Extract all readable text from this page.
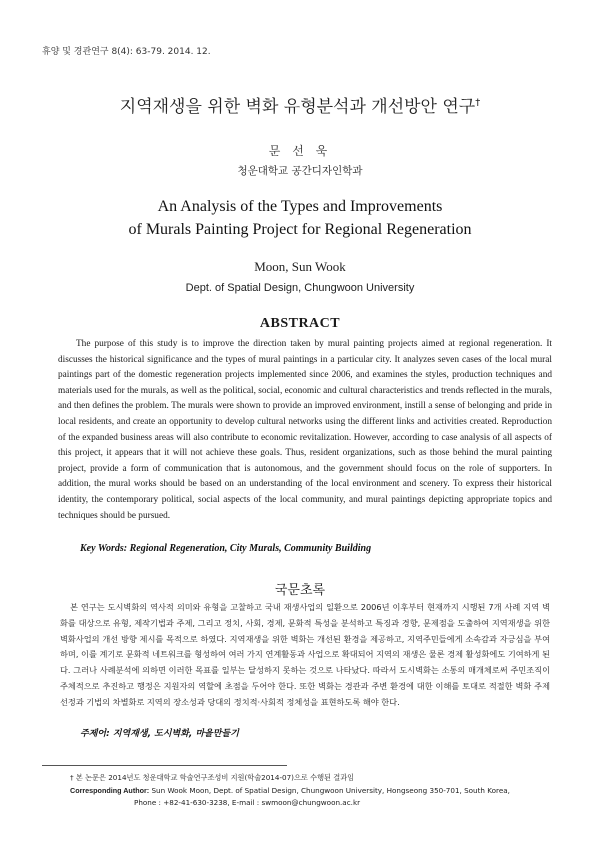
휴양 및 경관연구 8(4): 63-79. 2014. 12.
지역재생을 위한 벽화 유형분석과 개선방안 연구†
문 선 욱
청운대학교 공간디자인학과
An Analysis of the Types and Improvements
of Murals Painting Project for Regional Regeneration
Moon, Sun Wook
Dept. of Spatial Design, Chungwoon University
ABSTRACT

The purpose of this study is to improve the direction taken by mural painting projects aimed at regional regeneration. It discusses the historical significance and the types of mural paintings in a particular city. It analyzes seven cases of the local mural paintings part of the domestic regeneration projects implemented since 2006, and examines the styles, production techniques and materials used for the murals, as well as the political, social, economic and cultural characteristics and trends reflected in the murals, and then defines the problem. The murals were shown to provide an improved environment, instill a sense of belonging and pride in local residents, and create an opportunity to develop cultural networks using the different links and activities created. Reproduction of the expanded business areas will also contribute to economic revitalization. However, according to case analysis of all aspects of this project, it appears that it will not achieve these goals. Thus, resident organizations, such as those behind the mural painting project, provide a form of communication that is autonomous, and the government should focus on the role of supporters. In addition, the mural works should be based on an understanding of the local environment and scenery. To express their historical identity, the contemporary political, social aspects of the local community, and mural paintings depicting appropriate topics and techniques should be pursued.

Key Words: Regional Regeneration, City Murals, Community Building
국문초록

본 연구는 도시벽화의 역사적 의미와 유형을 고찰하고 국내 재생사업의 일환으로 2006년 이후부터 현재까지 시행된 7개 사례 지역 벽화를 대상으로 유형, 제작기법과 주제, 그리고 정치, 사회, 경제, 문화적 특성을 분석하고 특징과 경향, 문제점을 도출하여 지역재생을 위한 벽화사업의 개선 방향 제시를 목적으로 하였다. 지역재생을 위한 벽화는 개선된 환경을 제공하고, 지역주민들에게 소속감과 자긍심을 부여하며, 이를 계기로 문화적 네트워크를 형성하여 여러 가지 연계활동과 사업으로 확대되어 지역의 재생은 물론 경제 활성화에도 기여하게 된다. 그러나 사례분석에 의하면 이러한 목표를 일부는 달성하지 못하는 것으로 나타났다. 따라서 도시벽화는 소통의 매개체로써 주민조직이 주체적으로 추진하고 행정은 지원자의 역할에 초점을 두어야 한다. 또한 벽화는 경관과 주변 환경에 대한 이해를 토대로 적절한 벽화 주제 선정과 기법의 차별화로 지역의 장소성과 당대의 정치적·사회적 정체성을 표현하도록 해야 한다.

주제어: 지역재생, 도시벽화, 마을만들기
† 본 논문은 2014년도 청운대학교 학술연구조성비 지원(학술2014-07)으로 수행된 결과임
Corresponding Author: Sun Wook Moon, Dept. of Spatial Design, Chungwoon University, Hongseong 350-701, South Korea,
Phone : +82-41-630-3238, E-mail : swmoon@chungwoon.ac.kr
